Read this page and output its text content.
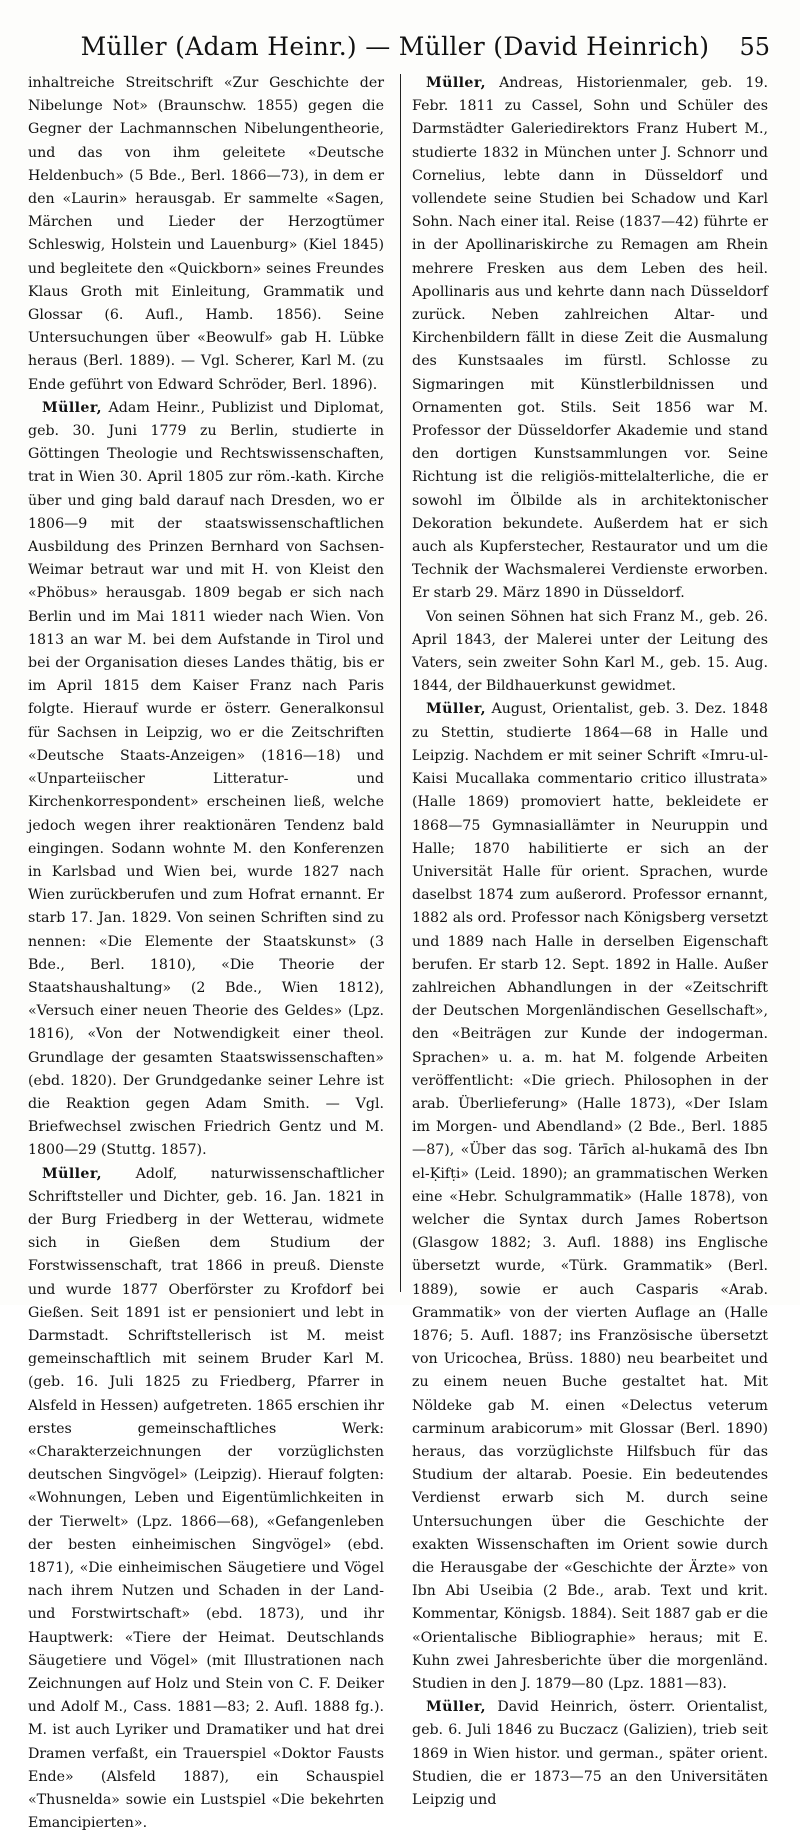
Müller (Adam Heinr.) — Müller (David Heinrich)	55

inhaltreiche Streitschrift «Zur Geschichte der Nibelunge Not» (Braunschw. 1855) gegen die Gegner der Lachmannschen Nibelungentheorie, und das von ihm geleitete «Deutsche Heldenbuch» (5 Bde., Berl. 1866—73), in dem er den «Laurin» herausgab. Er sammelte «Sagen, Märchen und Lieder der Herzogtümer Schleswig, Holstein und Lauenburg» (Kiel 1845) und begleitete den «Quickborn» seines Freundes Klaus Groth mit Einleitung, Grammatik und Glossar (6. Aufl., Hamb. 1856). Seine Untersuchungen über «Beowulf» gab H. Lübke heraus (Berl. 1889). — Vgl. Scherer, Karl M. (zu Ende geführt von Edward Schröder, Berl. 1896).

Müller, Adam Heinr., Publizist und Diplomat, geb. 30. Juni 1779 zu Berlin, studierte in Göttingen Theologie und Rechtswissenschaften, trat in Wien 30. April 1805 zur röm.-kath. Kirche über und ging bald darauf nach Dresden, wo er 1806—9 mit der staatswissenschaftlichen Ausbildung des Prinzen Bernhard von Sachsen-Weimar betraut war und mit H. von Kleist den «Phöbus» herausgab. 1809 begab er sich nach Berlin und im Mai 1811 wieder nach Wien. Von 1813 an war M. bei dem Aufstande in Tirol und bei der Organisation dieses Landes thätig, bis er im April 1815 dem Kaiser Franz nach Paris folgte. Hierauf wurde er österr. Generalkonsul für Sachsen in Leipzig, wo er die Zeitschriften «Deutsche Staats-Anzeigen» (1816—18) und «Unparteiischer Litteratur- und Kirchenkorrespondent» erscheinen ließ, welche jedoch wegen ihrer reaktionären Tendenz bald eingingen. Sodann wohnte M. den Konferenzen in Karlsbad und Wien bei, wurde 1827 nach Wien zurückberufen und zum Hofrat ernannt. Er starb 17. Jan. 1829. Von seinen Schriften sind zu nennen: «Die Elemente der Staatskunst» (3 Bde., Berl. 1810), «Die Theorie der Staatshaushaltung» (2 Bde., Wien 1812), «Versuch einer neuen Theorie des Geldes» (Lpz. 1816), «Von der Notwendigkeit einer theol. Grundlage der gesamten Staatswissenschaften» (ebd. 1820). Der Grundgedanke seiner Lehre ist die Reaktion gegen Adam Smith. — Vgl. Briefwechsel zwischen Friedrich Gentz und M. 1800—29 (Stuttg. 1857).

Müller, Adolf, naturwissenschaftlicher Schriftsteller und Dichter, geb. 16. Jan. 1821 in der Burg Friedberg in der Wetterau, widmete sich in Gießen dem Studium der Forstwissenschaft, trat 1866 in preuß. Dienste und wurde 1877 Oberförster zu Krofdorf bei Gießen. Seit 1891 ist er pensioniert und lebt in Darmstadt. Schriftstellerisch ist M. meist gemeinschaftlich mit seinem Bruder Karl M. (geb. 16. Juli 1825 zu Friedberg, Pfarrer in Alsfeld in Hessen) aufgetreten. 1865 erschien ihr erstes gemeinschaftliches Werk: «Charakterzeichnungen der vorzüglichsten deutschen Singvögel» (Leipzig). Hierauf folgten: «Wohnungen, Leben und Eigentümlichkeiten in der Tierwelt» (Lpz. 1866—68), «Gefangenleben der besten einheimischen Singvögel» (ebd. 1871), «Die einheimischen Säugetiere und Vögel nach ihrem Nutzen und Schaden in der Land- und Forstwirtschaft» (ebd. 1873), und ihr Hauptwerk: «Tiere der Heimat. Deutschlands Säugetiere und Vögel» (mit Illustrationen nach Zeichnungen auf Holz und Stein von C. F. Deiker und Adolf M., Cass. 1881—83; 2. Aufl. 1888 fg.). M. ist auch Lyriker und Dramatiker und hat drei Dramen verfaßt, ein Trauerspiel «Doktor Fausts Ende» (Alsfeld 1887), ein Schauspiel «Thusnelda» sowie ein Lustspiel «Die bekehrten Emancipierten».

Müller, Andreas, Historienmaler, geb. 19. Febr. 1811 zu Cassel, Sohn und Schüler des Darmstädter Galeriedirektors Franz Hubert M., studierte 1832 in München unter J. Schnorr und Cornelius, lebte dann in Düsseldorf und vollendete seine Studien bei Schadow und Karl Sohn. Nach einer ital. Reise (1837—42) führte er in der Apollinariskirche zu Remagen am Rhein mehrere Fresken aus dem Leben des heil. Apollinaris aus und kehrte dann nach Düsseldorf zurück. Neben zahlreichen Altar- und Kirchenbildern fällt in diese Zeit die Ausmalung des Kunstsaales im fürstl. Schlosse zu Sigmaringen mit Künstlerbildnissen und Ornamenten got. Stils. Seit 1856 war M. Professor der Düsseldorfer Akademie und stand den dortigen Kunstsammlungen vor. Seine Richtung ist die religiös-mittelalterliche, die er sowohl im Ölbilde als in architektonischer Dekoration bekundete. Außerdem hat er sich auch als Kupferstecher, Restaurator und um die Technik der Wachsmalerei Verdienste erworben. Er starb 29. März 1890 in Düsseldorf.

Von seinen Söhnen hat sich Franz M., geb. 26. April 1843, der Malerei unter der Leitung des Vaters, sein zweiter Sohn Karl M., geb. 15. Aug. 1844, der Bildhauerkunst gewidmet.

Müller, August, Orientalist, geb. 3. Dez. 1848 zu Stettin, studierte 1864—68 in Halle und Leipzig. Nachdem er mit seiner Schrift «Imru-ul-Kaisi Mucallaka commentario critico illustrata» (Halle 1869) promoviert hatte, bekleidete er 1868—75 Gymnasiallämter in Neuruppin und Halle; 1870 habilitierte er sich an der Universität Halle für orient. Sprachen, wurde daselbst 1874 zum außerord. Professor ernannt, 1882 als ord. Professor nach Königsberg versetzt und 1889 nach Halle in derselben Eigenschaft berufen. Er starb 12. Sept. 1892 in Halle. Außer zahlreichen Abhandlungen in der «Zeitschrift der Deutschen Morgenländischen Gesellschaft», den «Beiträgen zur Kunde der indogerman. Sprachen» u. a. m. hat M. folgende Arbeiten veröffentlicht: «Die griech. Philosophen in der arab. Überlieferung» (Halle 1873), «Der Islam im Morgen- und Abendland» (2 Bde., Berl. 1885—87), «Über das sog. Tārīch al-hukamā des Ibn el-Ḳifṭi» (Leid. 1890); an grammatischen Werken eine «Hebr. Schulgrammatik» (Halle 1878), von welcher die Syntax durch James Robertson (Glasgow 1882; 3. Aufl. 1888) ins Englische übersetzt wurde, «Türk. Grammatik» (Berl. 1889), sowie er auch Casparis «Arab. Grammatik» von der vierten Auflage an (Halle 1876; 5. Aufl. 1887; ins Französische übersetzt von Uricochea, Brüss. 1880) neu bearbeitet und zu einem neuen Buche gestaltet hat. Mit Nöldeke gab M. einen «Delectus veterum carminum arabicorum» mit Glossar (Berl. 1890) heraus, das vorzüglichste Hilfsbuch für das Studium der altarab. Poesie. Ein bedeutendes Verdienst erwarb sich M. durch seine Untersuchungen über die Geschichte der exakten Wissenschaften im Orient sowie durch die Herausgabe der «Geschichte der Ärzte» von Ibn Abi Useibia (2 Bde., arab. Text und krit. Kommentar, Königsb. 1884). Seit 1887 gab er die «Orientalische Bibliographie» heraus; mit E. Kuhn zwei Jahresberichte über die morgenländ. Studien in den J. 1879—80 (Lpz. 1881—83).

Müller, David Heinrich, österr. Orientalist, geb. 6. Juli 1846 zu Buczacz (Galizien), trieb seit 1869 in Wien histor. und german., später orient. Studien, die er 1873—75 an den Universitäten Leipzig und
